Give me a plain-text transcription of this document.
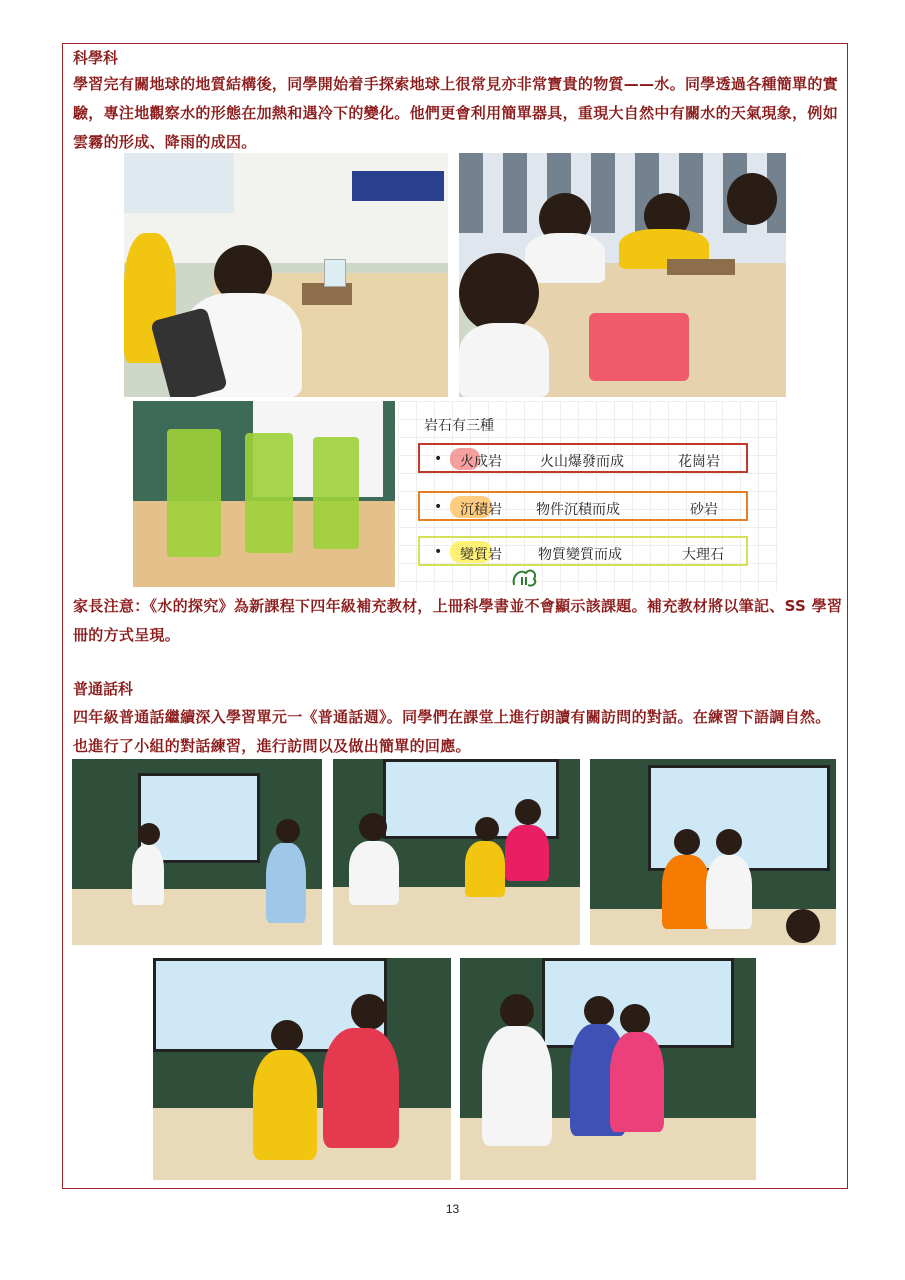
科學科
學習完有關地球的地質結構後，同學開始着手探索地球上很常見亦非常寶貴的物質——水。同學透過各種簡單的實驗，專注地觀察水的形態在加熱和遇冷下的變化。他們更會利用簡單器具，重現大自然中有關水的天氣現象，例如雲霧的形成、降雨的成因。
岩石有三種
• 火成岩	火山爆發而成	花崗岩
• 沉積岩 物件沉積而成	砂岩
• 變質岩	物質變質而成	大理石
家長注意：《水的探究》為新課程下四年級補充教材，上冊科學書並不會顯示該課題。補充教材將以筆記、SS 學習冊的方式呈現。
普通話科
四年級普通話繼續深入學習單元一《普通話週》。同學們在課堂上進行朗讀有關訪問的對話。在練習下語調自然。也進行了小組的對話練習，進行訪問以及做出簡單的回應。
13
